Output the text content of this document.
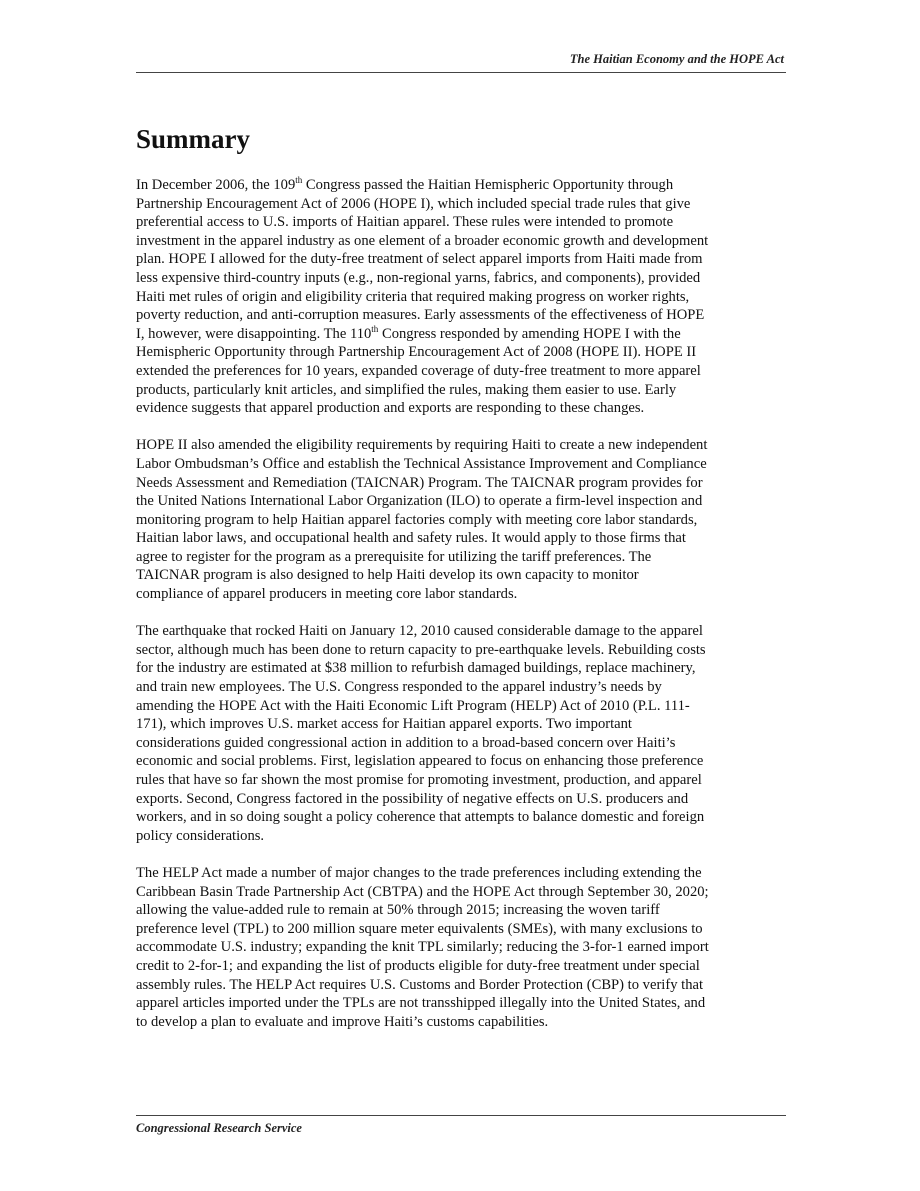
The Haitian Economy and the HOPE Act
Summary

In December 2006, the 109th Congress passed the Haitian Hemispheric Opportunity through
Partnership Encouragement Act of 2006 (HOPE I), which included special trade rules that give
preferential access to U.S. imports of Haitian apparel. These rules were intended to promote
investment in the apparel industry as one element of a broader economic growth and development
plan. HOPE I allowed for the duty-free treatment of select apparel imports from Haiti made from
less expensive third-country inputs (e.g., non-regional yarns, fabrics, and components), provided
Haiti met rules of origin and eligibility criteria that required making progress on worker rights,
poverty reduction, and anti-corruption measures. Early assessments of the effectiveness of HOPE
I, however, were disappointing. The 110th Congress responded by amending HOPE I with the
Hemispheric Opportunity through Partnership Encouragement Act of 2008 (HOPE II). HOPE II
extended the preferences for 10 years, expanded coverage of duty-free treatment to more apparel
products, particularly knit articles, and simplified the rules, making them easier to use. Early
evidence suggests that apparel production and exports are responding to these changes.

HOPE II also amended the eligibility requirements by requiring Haiti to create a new independent
Labor Ombudsman’s Office and establish the Technical Assistance Improvement and Compliance
Needs Assessment and Remediation (TAICNAR) Program. The TAICNAR program provides for
the United Nations International Labor Organization (ILO) to operate a firm-level inspection and
monitoring program to help Haitian apparel factories comply with meeting core labor standards,
Haitian labor laws, and occupational health and safety rules. It would apply to those firms that
agree to register for the program as a prerequisite for utilizing the tariff preferences. The
TAICNAR program is also designed to help Haiti develop its own capacity to monitor
compliance of apparel producers in meeting core labor standards.

The earthquake that rocked Haiti on January 12, 2010 caused considerable damage to the apparel
sector, although much has been done to return capacity to pre-earthquake levels. Rebuilding costs
for the industry are estimated at $38 million to refurbish damaged buildings, replace machinery,
and train new employees. The U.S. Congress responded to the apparel industry’s needs by
amending the HOPE Act with the Haiti Economic Lift Program (HELP) Act of 2010 (P.L. 111-
171), which improves U.S. market access for Haitian apparel exports. Two important
considerations guided congressional action in addition to a broad-based concern over Haiti’s
economic and social problems. First, legislation appeared to focus on enhancing those preference
rules that have so far shown the most promise for promoting investment, production, and apparel
exports. Second, Congress factored in the possibility of negative effects on U.S. producers and
workers, and in so doing sought a policy coherence that attempts to balance domestic and foreign
policy considerations.

The HELP Act made a number of major changes to the trade preferences including extending the
Caribbean Basin Trade Partnership Act (CBTPA) and the HOPE Act through September 30, 2020;
allowing the value-added rule to remain at 50% through 2015; increasing the woven tariff
preference level (TPL) to 200 million square meter equivalents (SMEs), with many exclusions to
accommodate U.S. industry; expanding the knit TPL similarly; reducing the 3-for-1 earned import
credit to 2-for-1; and expanding the list of products eligible for duty-free treatment under special
assembly rules. The HELP Act requires U.S. Customs and Border Protection (CBP) to verify that
apparel articles imported under the TPLs are not transshipped illegally into the United States, and
to develop a plan to evaluate and improve Haiti’s customs capabilities.

Congressional Research Service
